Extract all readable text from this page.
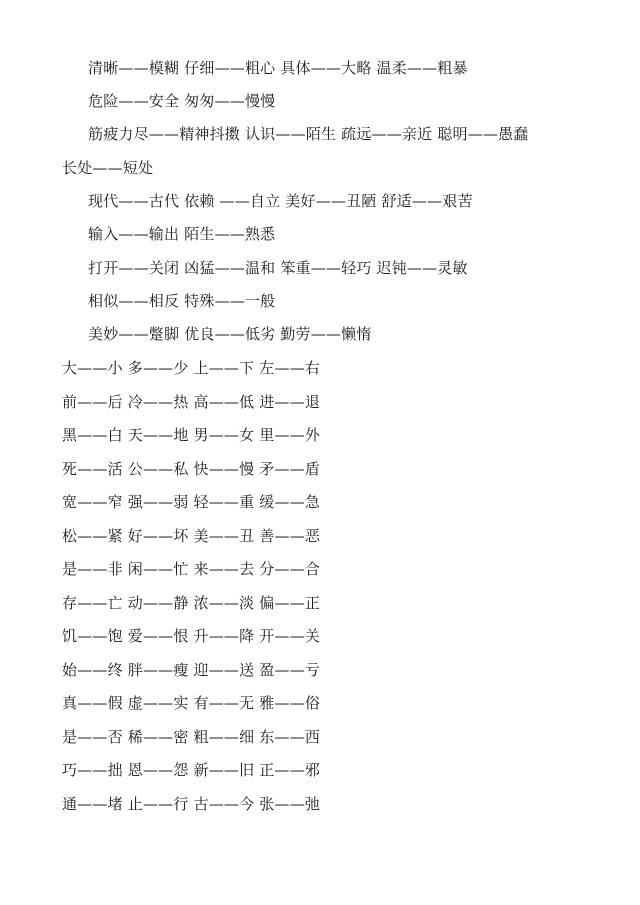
清晰——模糊 仔细——粗心 具体——大略 温柔——粗暴
危险——安全 匆匆——慢慢
筋疲力尽——精神抖擞 认识——陌生 疏远——亲近 聪明——愚蠢
长处——短处
现代——古代 依赖 ——自立 美好——丑陋 舒适——艰苦
输入——输出 陌生——熟悉
打开——关闭 凶猛——温和 笨重——轻巧 迟钝——灵敏
相似——相反 特殊——一般
美妙——蹩脚 优良——低劣 勤劳——懒惰
大——小 多——少 上——下 左——右
前——后 冷——热 高——低 进——退
黑——白 天——地 男——女 里——外
死——活 公——私 快——慢 矛——盾
宽——窄 强——弱 轻——重 缓——急
松——紧 好——坏 美——丑 善——恶
是——非 闲——忙 来——去 分——合
存——亡 动——静 浓——淡 偏——正
饥——饱 爱——恨 升——降 开——关
始——终 胖——瘦 迎——送 盈——亏
真——假 虚——实 有——无 雅——俗
是——否 稀——密 粗——细 东——西
巧——拙 恩——怨 新——旧 正——邪
通——堵 止——行 古——今 张——弛
